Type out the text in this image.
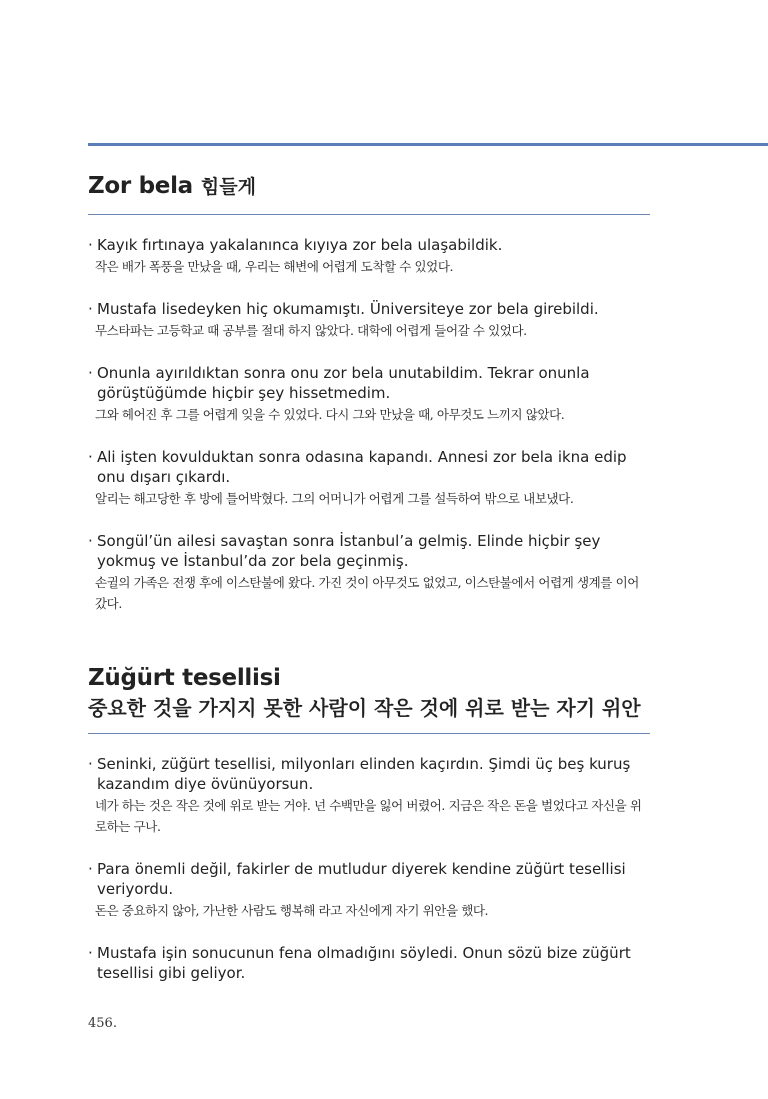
Zor bela 힘들게
· Kayık fırtınaya yakalanınca kıyıya zor bela ulaşabildik.
작은 배가 폭풍을 만났을 때, 우리는 해변에 어렵게 도착할 수 있었다.
· Mustafa lisedeyken hiç okumamıştı. Üniversiteye zor bela girebildi.
무스타파는 고등학교 때 공부를 절대 하지 않았다. 대학에 어렵게 들어갈 수 있었다.
· Onunla ayırıldıktan sonra onu zor bela unutabildim. Tekrar onunla görüştüğümde hiçbir şey hissetmedim.
그와 헤어진 후 그를 어렵게 잊을 수 있었다. 다시 그와 만났을 때, 아무것도 느끼지 않았다.
· Ali işten kovulduktan sonra odasına kapandı. Annesi zor bela ikna edip onu dışarı çıkardı.
알리는 해고당한 후 방에 틀어박혔다. 그의 어머니가 어렵게 그를 설득하여 밖으로 내보냈다.
· Songül’ün ailesi savaştan sonra İstanbul’a gelmiş. Elinde hiçbir şey yokmuş ve İstanbul’da zor bela geçinmiş.
손귈의 가족은 전쟁 후에 이스탄불에 왔다. 가진 것이 아무것도 없었고, 이스탄불에서 어렵게 생계를 이어갔다.
Züğürt tesellisi
중요한 것을 가지지 못한 사람이 작은 것에 위로 받는 자기 위안
· Seninki, züğürt tesellisi, milyonları elinden kaçırdın. Şimdi üç beş kuruş kazandım diye övünüyorsun.
네가 하는 것은 작은 것에 위로 받는 거야. 넌 수백만을 잃어 버렸어. 지금은 작은 돈을 벌었다고 자신을 위로하는 구나.
· Para önemli değil, fakirler de mutludur diyerek kendine züğürt tesellisi veriyordu.
돈은 중요하지 않아, 가난한 사람도 행복해 라고 자신에게 자기 위안을 했다.
· Mustafa işin sonucunun fena olmadığını söyledi. Onun sözü bize züğürt tesellisi gibi geliyor.
456.
